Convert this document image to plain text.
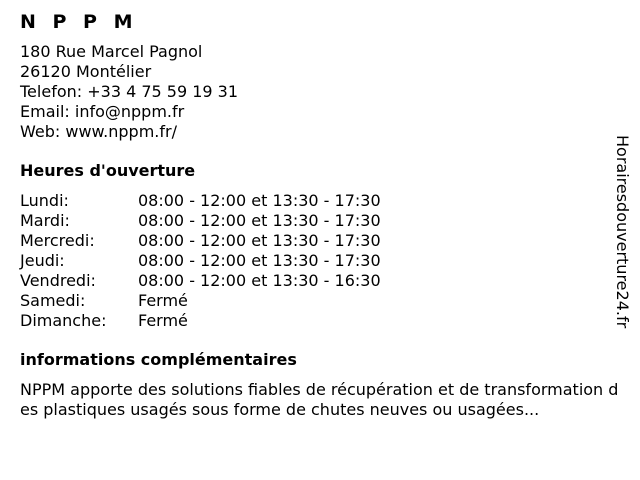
N P P M
180 Rue Marcel Pagnol
26120 Montélier
Telefon: +33 4 75 59 19 31
Email: info@nppm.fr
Web: www.nppm.fr/
Heures d'ouverture
Lundi:	08:00 - 12:00 et 13:30 - 17:30
Mardi:	08:00 - 12:00 et 13:30 - 17:30
Mercredi:	08:00 - 12:00 et 13:30 - 17:30
Jeudi:	08:00 - 12:00 et 13:30 - 17:30
Vendredi:	08:00 - 12:00 et 13:30 - 16:30
Samedi:	Fermé
Dimanche:	Fermé
informations complémentaires
NPPM apporte des solutions fiables de récupération et de transformation des plastiques usagés sous forme de chutes neuves ou usagées...
Horairesdouverture24.fr
